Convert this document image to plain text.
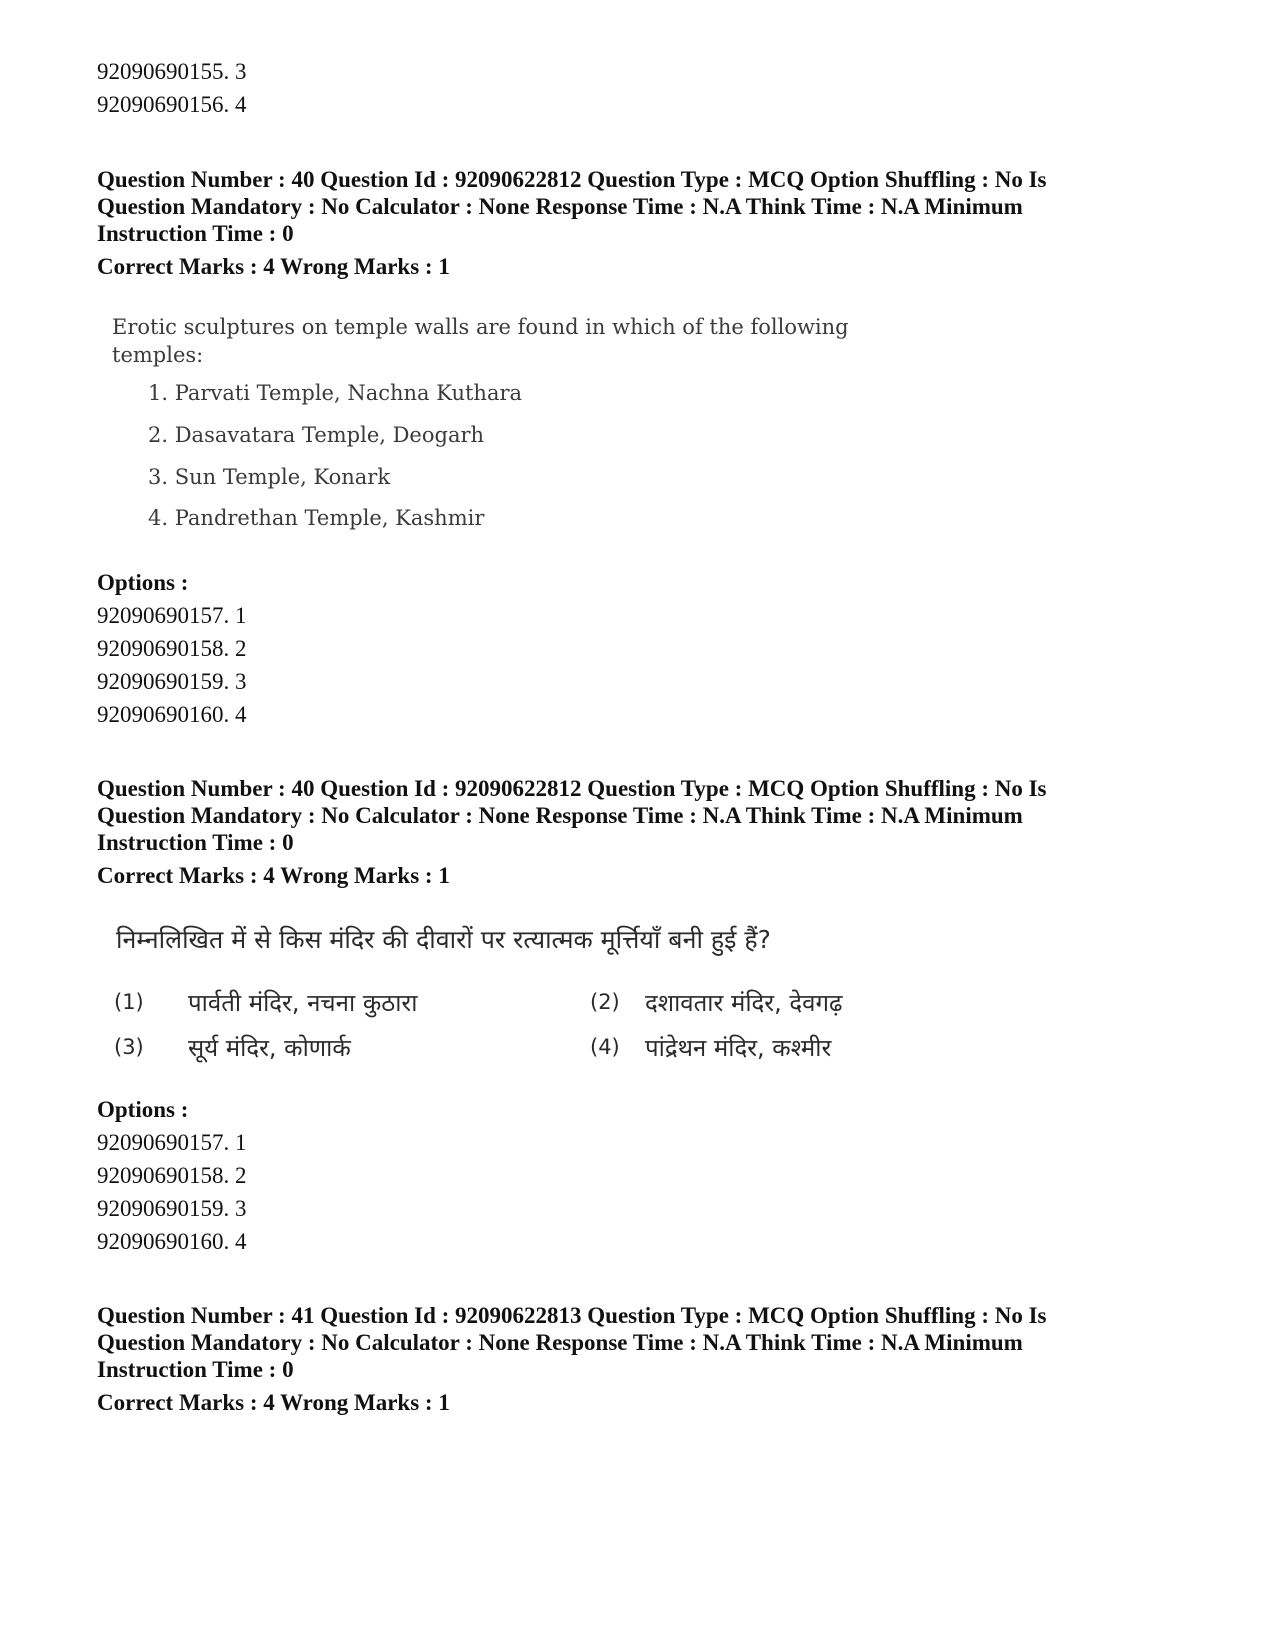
92090690155. 3
92090690156. 4
Question Number : 40 Question Id : 92090622812 Question Type : MCQ Option Shuffling : No Is
Question Mandatory : No Calculator : None Response Time : N.A Think Time : N.A Minimum
Instruction Time : 0
Correct Marks : 4 Wrong Marks : 1
Erotic sculptures on temple walls are found in which of the following
temples:
1. Parvati Temple, Nachna Kuthara
2. Dasavatara Temple, Deogarh
3. Sun Temple, Konark
4. Pandrethan Temple, Kashmir
Options :
92090690157. 1
92090690158. 2
92090690159. 3
92090690160. 4
Question Number : 40 Question Id : 92090622812 Question Type : MCQ Option Shuffling : No Is
Question Mandatory : No Calculator : None Response Time : N.A Think Time : N.A Minimum
Instruction Time : 0
Correct Marks : 4 Wrong Marks : 1
निम्नलिखित में से किस मंदिर की दीवारों पर रत्यात्मक मूर्त्तियाँ बनी हुई हैं?
(1) पार्वती मंदिर, नचना कुठारा	(2) दशावतार मंदिर, देवगढ़
(3) सूर्य मंदिर, कोणार्क	(4) पांद्रेथन मंदिर, कश्मीर
Options :
92090690157. 1
92090690158. 2
92090690159. 3
92090690160. 4
Question Number : 41 Question Id : 92090622813 Question Type : MCQ Option Shuffling : No Is
Question Mandatory : No Calculator : None Response Time : N.A Think Time : N.A Minimum
Instruction Time : 0
Correct Marks : 4 Wrong Marks : 1
